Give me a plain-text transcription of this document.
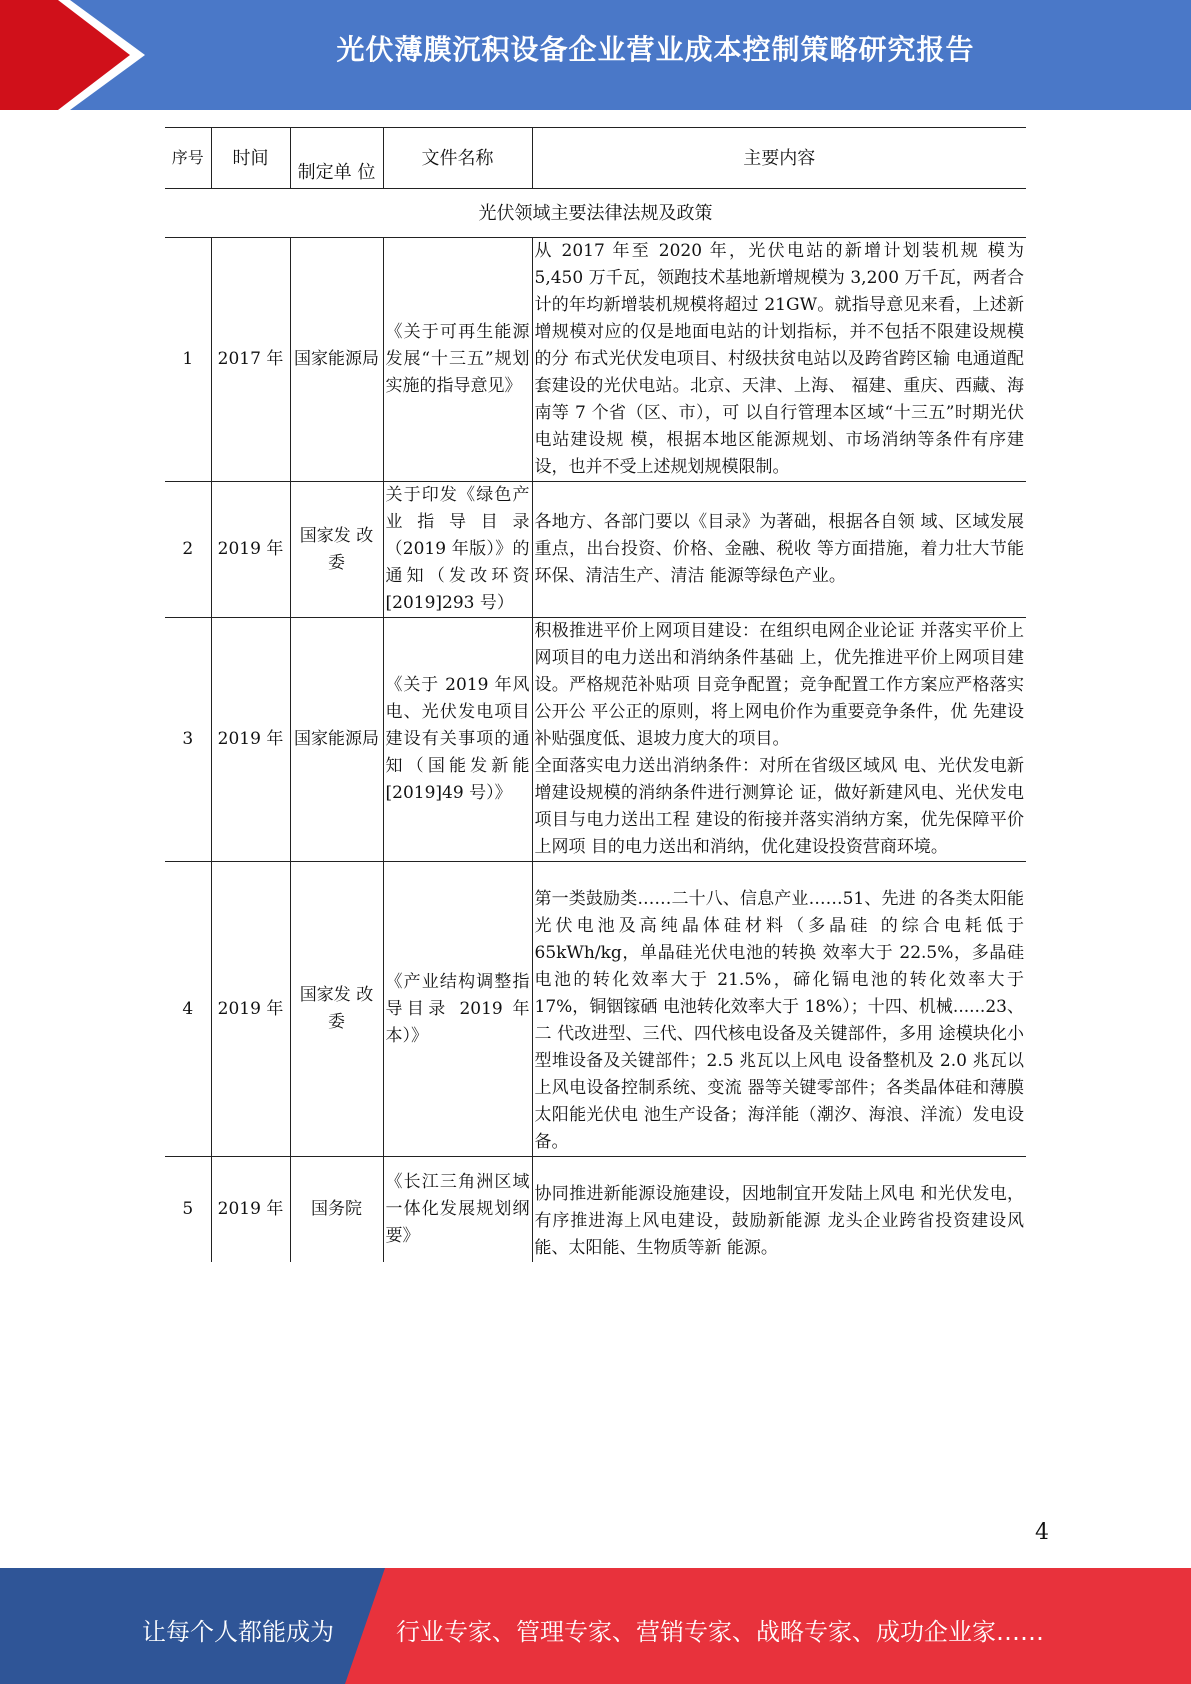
光伏薄膜沉积设备企业营业成本控制策略研究报告
序号	时间	制定单 位	文件名称	主要内容
光伏领域主要法律法规及政策				
1	2017 年	国家能源局	《关于可再生能源发展“十三五”规划实施的指导意见》	从 2017 年至 2020 年，光伏电站的新增计划装机规 模为 5,450 万千瓦，领跑技术基地新增规模为 3,200 万千瓦，两者合计的年均新增装机规模将超过 21GW。就指导意见来看，上述新增规模对应的仅是地面电站的计划指标，并不包括不限建设规模的分 布式光伏发电项目、村级扶贫电站以及跨省跨区输 电通道配套建设的光伏电站。北京、天津、上海、 福建、重庆、西藏、海南等 7 个省（区、市），可 以自行管理本区域“十三五”时期光伏电站建设规 模，根据本地区能源规划、市场消纳等条件有序建 设，也并不受上述规划规模限制。
2	2019 年	国家发 改委	关于印发《绿色产业指导目录（2019 年版）》的通知（发改环资[2019]293 号）	各地方、各部门要以《目录》为著础，根据各自领 域、区域发展重点，出台投资、价格、金融、税收 等方面措施，着力壮大节能环保、清洁生产、清洁 能源等绿色产业。
3	2019 年	国家能源局	《关于 2019 年风电、光伏发电项目建设有关事项的通知（国能发新能[2019]49 号）》	积极推进平价上网项目建设：在组织电网企业论证 并落实平价上网项目的电力送出和消纳条件基础 上，优先推进平价上网项目建设。严格规范补贴项 目竞争配置；竞争配置工作方案应严格落实公开公 平公正的原则，将上网电价作为重要竞争条件，优 先建设补贴强度低、退坡力度大的项目。
全面落实电力送出消纳条件：对所在省级区域风 电、光伏发电新增建设规模的消纳条件进行测算论 证，做好新建风电、光伏发电项目与电力送出工程 建设的衔接并落实消纳方案，优先保障平价上网项 目的电力送出和消纳，优化建设投资营商环境。

4	2019 年	国家发 改委	《产业结构调整指导目录 2019 年本）》	第一类鼓励类……二十八、信息产业……51、先进 的各类太阳能光伏电池及高纯晶体硅材料（多晶硅 的综合电耗低于 65kWh/kg，单晶硅光伏电池的转换 效率大于 22.5%，多晶硅电池的转化效率大于 21.5%，碲化镉电池的转化效率大于 17%，铜铟镓硒 电池转化效率大于 18%）；十四、机械......23、二 代改进型、三代、四代核电设备及关键部件，多用 途模块化小型堆设备及关键部件；2.5 兆瓦以上风电 设备整机及 2.0 兆瓦以上风电设备控制系统、变流 器等关键零部件；各类晶体硅和薄膜太阳能光伏电 池生产设备；海洋能（潮汐、海浪、洋流）发电设 备。
5	2019 年	国务院	《长江三角洲区域一体化发展规划纲要》	协同推进新能源设施建设，因地制宜开发陆上风电 和光伏发电，有序推进海上风电建设，鼓励新能源 龙头企业跨省投资建设风能、太阳能、生物质等新 能源。
4
让每个人都能成为	行业专家、管理专家、营销专家、战略专家、成功企业家……
